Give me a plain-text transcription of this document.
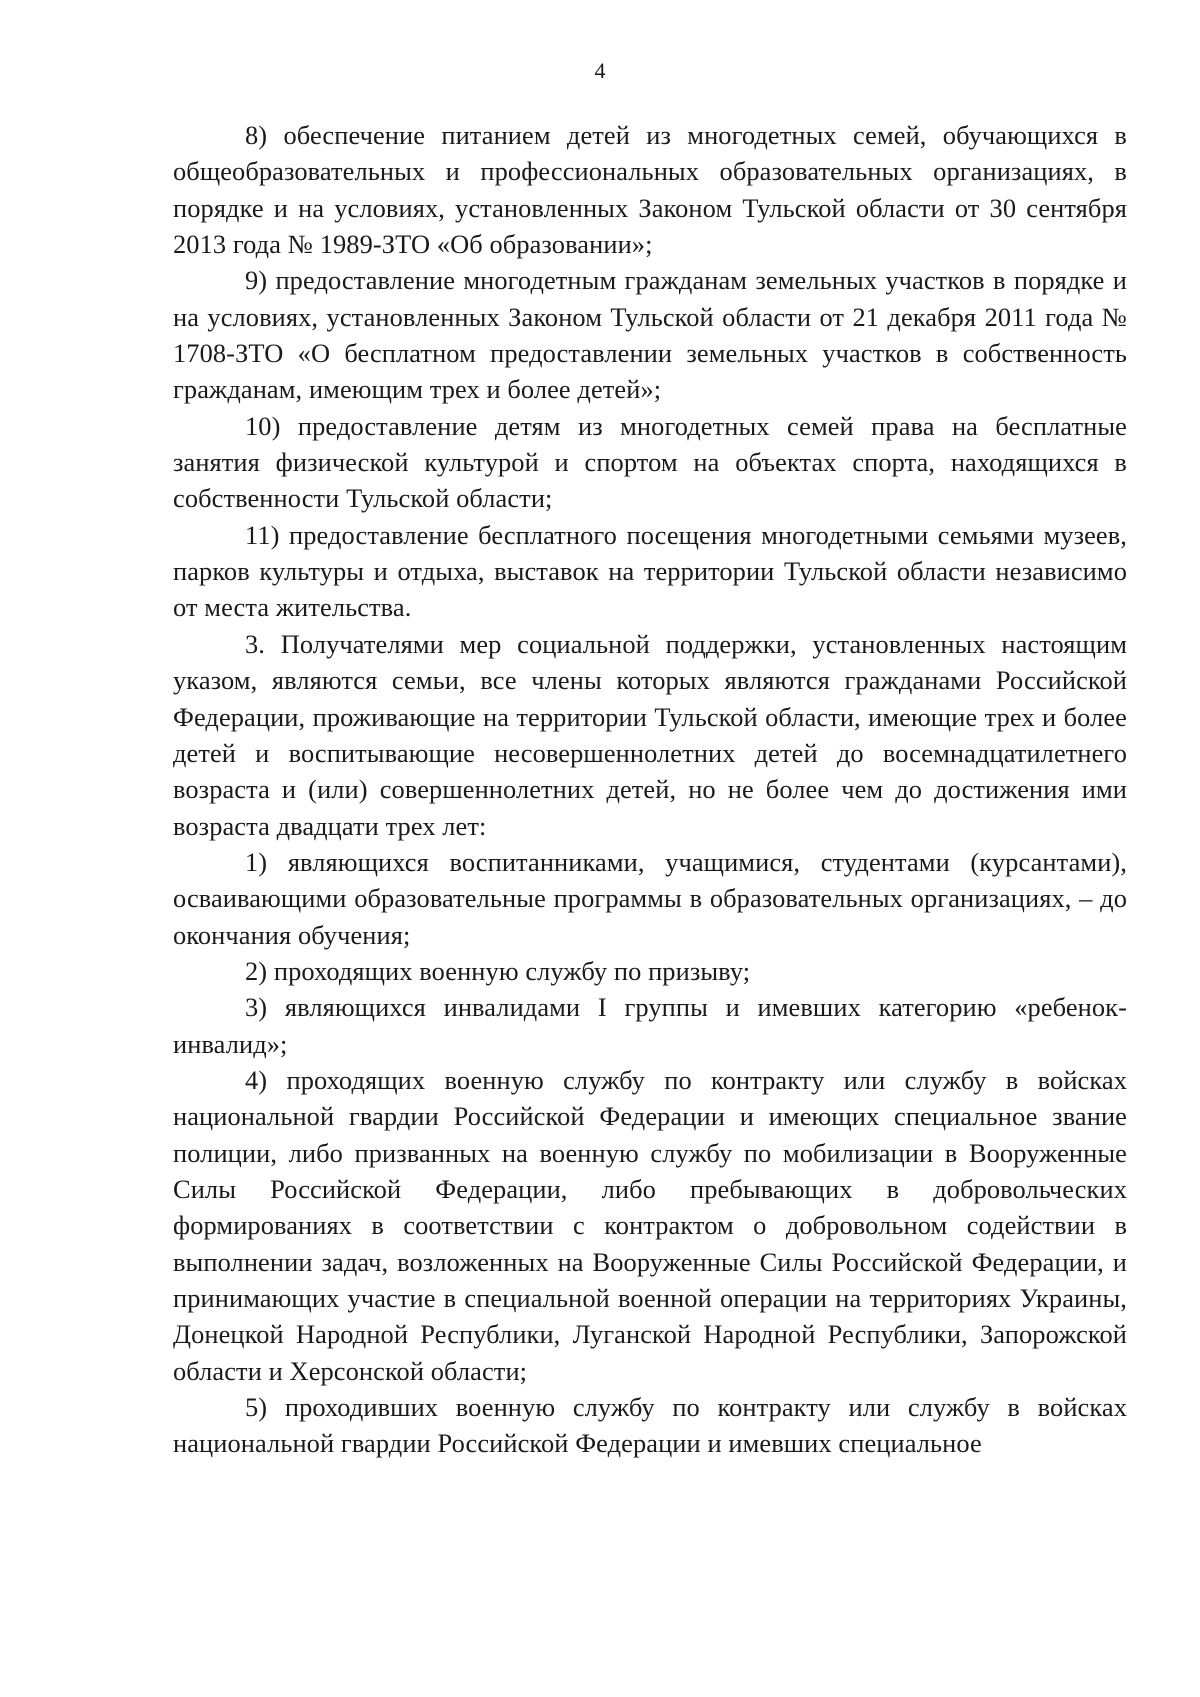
4

8) обеспечение питанием детей из многодетных семей, обучающихся в общеобразовательных и профессиональных образовательных организациях, в порядке и на условиях, установленных Законом Тульской области от 30 сентября 2013 года № 1989-ЗТО «Об образовании»;

9) предоставление многодетным гражданам земельных участков в порядке и на условиях, установленных Законом Тульской области от 21 декабря 2011 года № 1708-ЗТО «О бесплатном предоставлении земельных участков в собственность гражданам, имеющим трех и более детей»;

10) предоставление детям из многодетных семей права на бесплатные занятия физической культурой и спортом на объектах спорта, находящихся в собственности Тульской области;

11) предоставление бесплатного посещения многодетными семьями музеев, парков культуры и отдыха, выставок на территории Тульской области независимо от места жительства.

3. Получателями мер социальной поддержки, установленных настоящим указом, являются семьи, все члены которых являются гражданами Российской Федерации, проживающие на территории Тульской области, имеющие трех и более детей и воспитывающие несовершеннолетних детей до восемнадцатилетнего возраста и (или) совершеннолетних детей, но не более чем до достижения ими возраста двадцати трех лет:

1) являющихся воспитанниками, учащимися, студентами (курсантами), осваивающими образовательные программы в образовательных организациях, – до окончания обучения;

2) проходящих военную службу по призыву;

3) являющихся инвалидами I группы и имевших категорию «ребенок-инвалид»;

4) проходящих военную службу по контракту или службу в войсках национальной гвардии Российской Федерации и имеющих специальное звание полиции, либо призванных на военную службу по мобилизации в Вооруженные Силы Российской Федерации, либо пребывающих в добровольческих формированиях в соответствии с контрактом о добровольном содействии в выполнении задач, возложенных на Вооруженные Силы Российской Федерации, и принимающих участие в специальной военной операции на территориях Украины, Донецкой Народной Республики, Луганской Народной Республики, Запорожской области и Херсонской области;

5) проходивших военную службу по контракту или службу в войсках национальной гвардии Российской Федерации и имевших специальное
